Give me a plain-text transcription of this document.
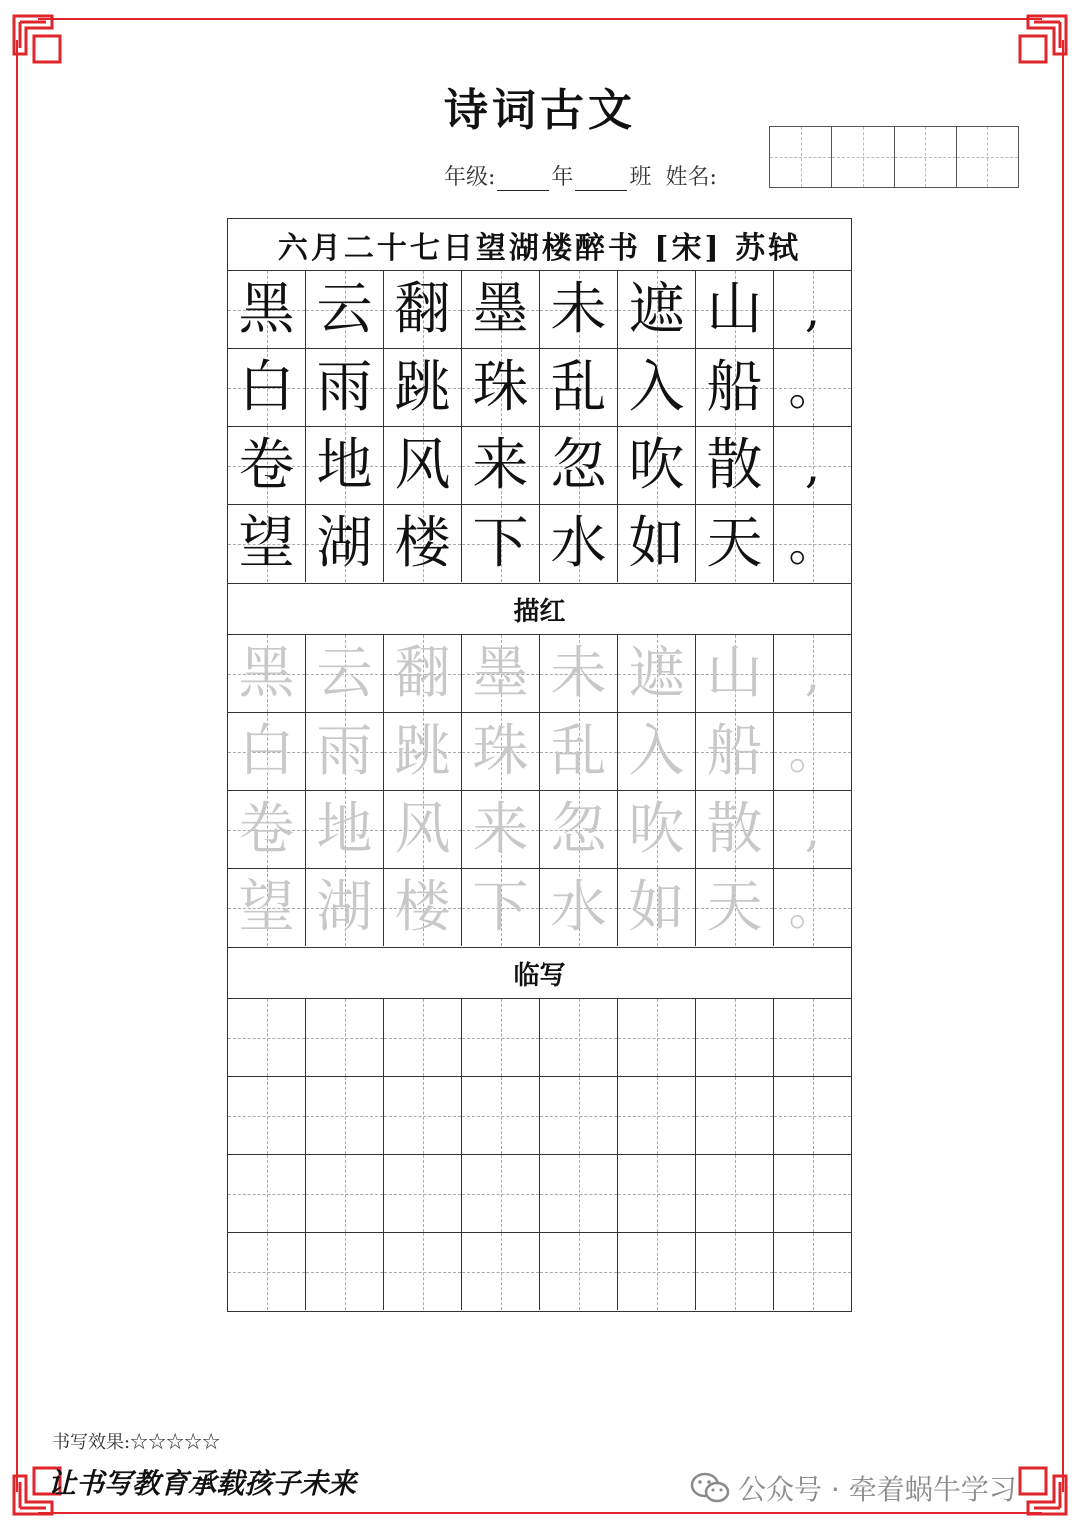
诗词古文
年级:	年	班 姓名:
六月二十七日望湖楼醉书 [宋] 苏轼
黑 云 翻 墨 未 遮 山 ,
白 雨 跳 珠 乱 入 船 。
卷 地 风 来 忽 吹 散 ,
望 湖 楼 下 水 如 天 。
描红
黑 云 翻 墨 未 遮 山 ,
白 雨 跳 珠 乱 入 船 。
卷 地 风 来 忽 吹 散 ,
望 湖 楼 下 水 如 天 。
临写
书写效果:☆☆☆☆☆
让书写教育承载孩子未来	公众号 · 牵着蜗牛学习
